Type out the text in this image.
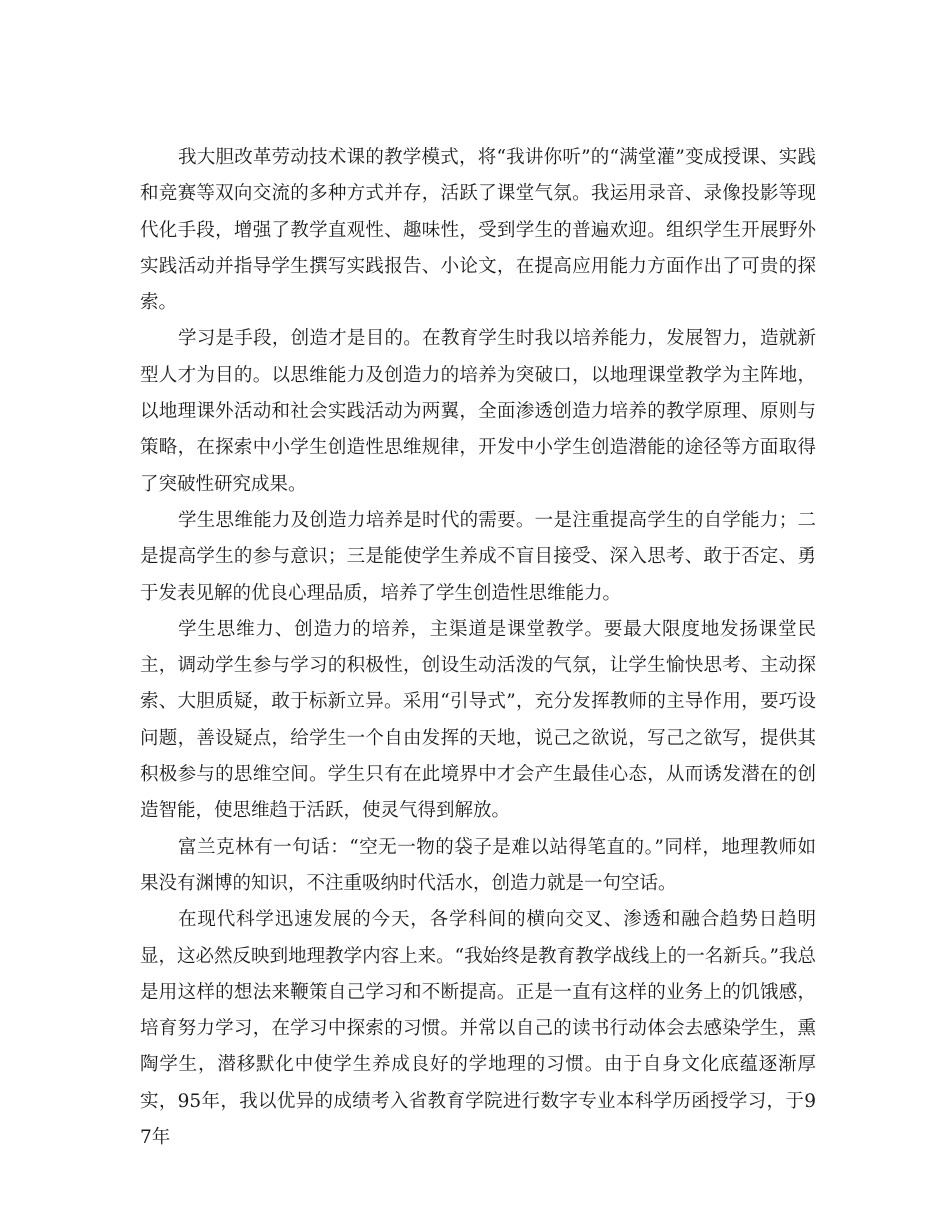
我大胆改革劳动技术课的教学模式，将“我讲你听”的“满堂灌”变成授课、实践和竞赛等双向交流的多种方式并存，活跃了课堂气氛。我运用录音、录像投影等现代化手段，增强了教学直观性、趣味性，受到学生的普遍欢迎。组织学生开展野外实践活动并指导学生撰写实践报告、小论文，在提高应用能力方面作出了可贵的探索。

学习是手段，创造才是目的。在教育学生时我以培养能力，发展智力，造就新型人才为目的。以思维能力及创造力的培养为突破口，以地理课堂教学为主阵地，以地理课外活动和社会实践活动为两翼，全面渗透创造力培养的教学原理、原则与策略，在探索中小学生创造性思维规律，开发中小学生创造潜能的途径等方面取得了突破性研究成果。

学生思维能力及创造力培养是时代的需要。一是注重提高学生的自学能力；二是提高学生的参与意识；三是能使学生养成不盲目接受、深入思考、敢于否定、勇于发表见解的优良心理品质，培养了学生创造性思维能力。

学生思维力、创造力的培养，主渠道是课堂教学。要最大限度地发扬课堂民主，调动学生参与学习的积极性，创设生动活泼的气氛，让学生愉快思考、主动探索、大胆质疑，敢于标新立异。采用“引导式”，充分发挥教师的主导作用，要巧设问题，善设疑点，给学生一个自由发挥的天地，说己之欲说，写己之欲写，提供其积极参与的思维空间。学生只有在此境界中才会产生最佳心态，从而诱发潜在的创造智能，使思维趋于活跃，使灵气得到解放。

富兰克林有一句话：“空无一物的袋子是难以站得笔直的。”同样，地理教师如果没有渊博的知识，不注重吸纳时代活水，创造力就是一句空话。

在现代科学迅速发展的今天，各学科间的横向交叉、渗透和融合趋势日趋明显，这必然反映到地理教学内容上来。“我始终是教育教学战线上的一名新兵。”我总是用这样的想法来鞭策自己学习和不断提高。正是一直有这样的业务上的饥饿感，培育努力学习，在学习中探索的习惯。并常以自己的读书行动体会去感染学生，熏陶学生，潜移默化中使学生养成良好的学地理的习惯。由于自身文化底蕴逐渐厚实，95年，我以优异的成绩考入省教育学院进行数字专业本科学历函授学习，于97年
